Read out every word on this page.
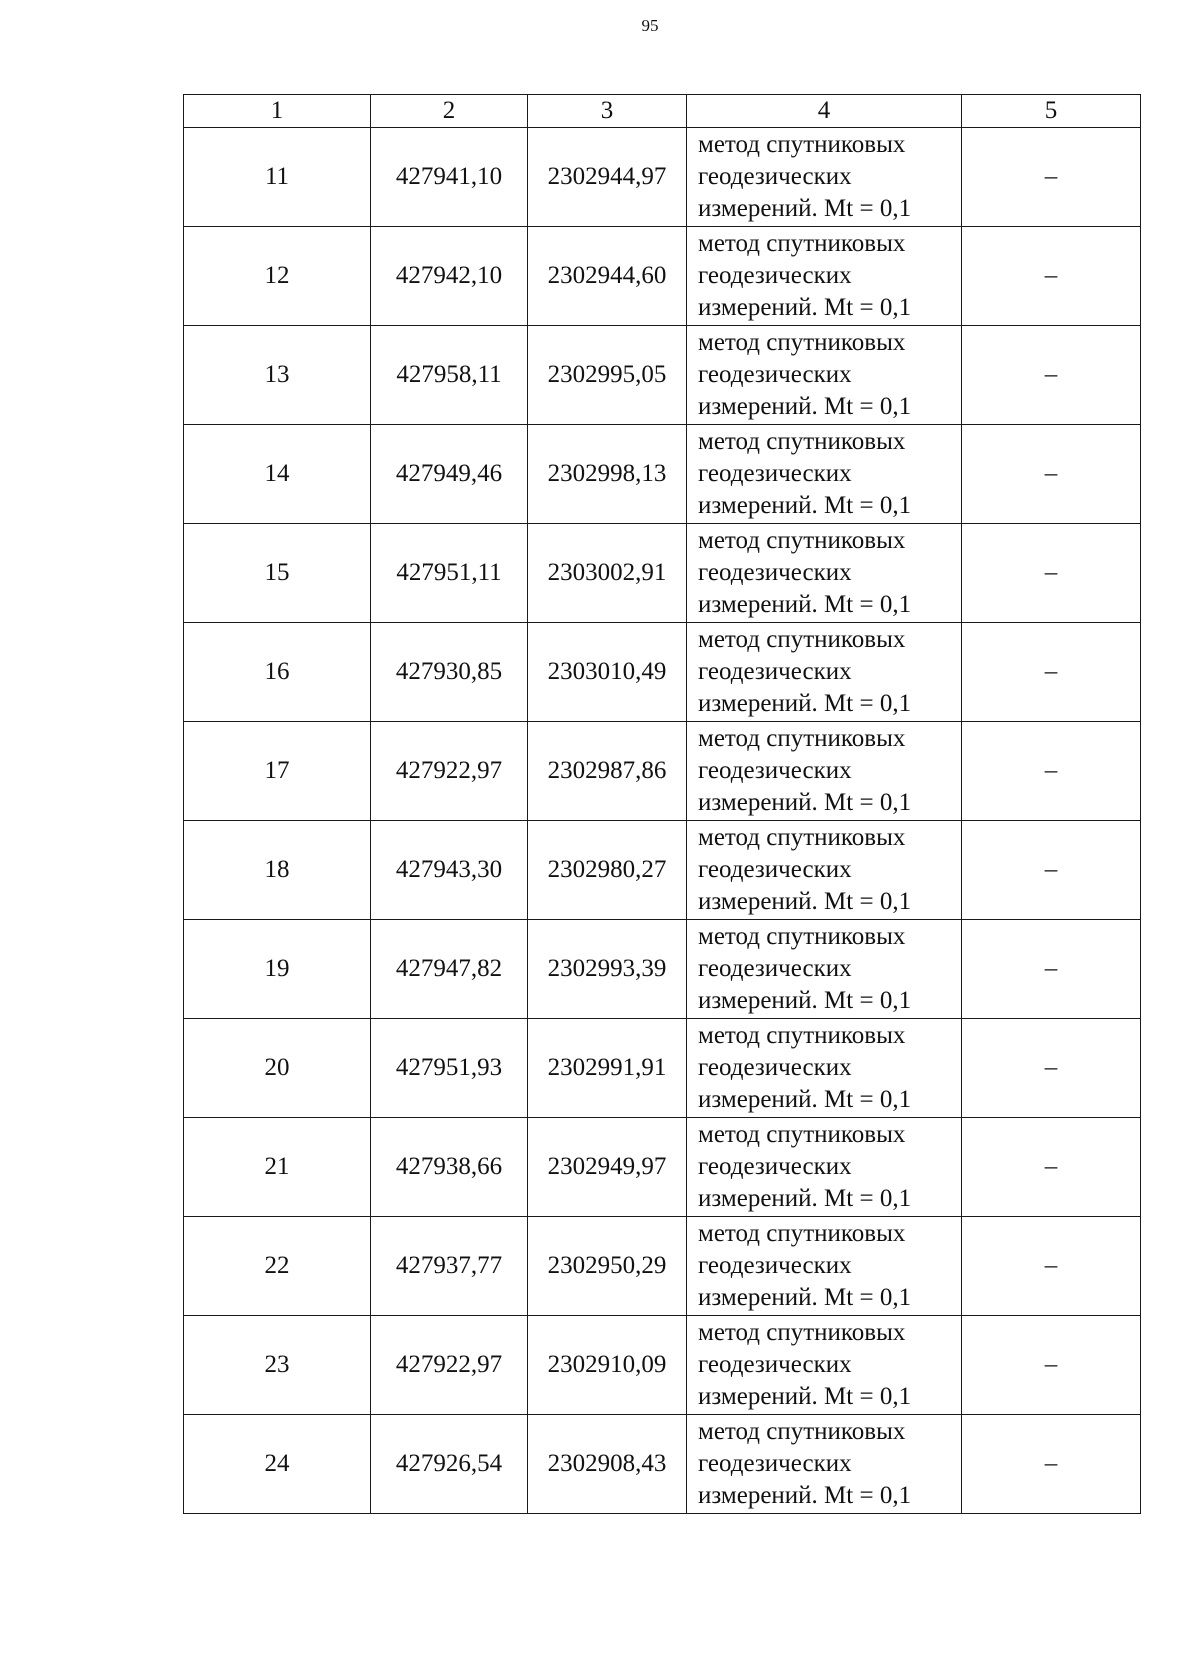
95
1	2	3	4	5
11	427941,10	2302944,97	метод спутниковых геодезических измерений. Mt = 0,1	–
12	427942,10	2302944,60	метод спутниковых геодезических измерений. Mt = 0,1	–
13	427958,11	2302995,05	метод спутниковых геодезических измерений. Mt = 0,1	–
14	427949,46	2302998,13	метод спутниковых геодезических измерений. Mt = 0,1	–
15	427951,11	2303002,91	метод спутниковых геодезических измерений. Mt = 0,1	–
16	427930,85	2303010,49	метод спутниковых геодезических измерений. Mt = 0,1	–
17	427922,97	2302987,86	метод спутниковых геодезических измерений. Mt = 0,1	–
18	427943,30	2302980,27	метод спутниковых геодезических измерений. Mt = 0,1	–
19	427947,82	2302993,39	метод спутниковых геодезических измерений. Mt = 0,1	–
20	427951,93	2302991,91	метод спутниковых геодезических измерений. Mt = 0,1	–
21	427938,66	2302949,97	метод спутниковых геодезических измерений. Mt = 0,1	–
22	427937,77	2302950,29	метод спутниковых геодезических измерений. Mt = 0,1	–
23	427922,97	2302910,09	метод спутниковых геодезических измерений. Mt = 0,1	–
24	427926,54	2302908,43	метод спутниковых геодезических измерений. Mt = 0,1	–
